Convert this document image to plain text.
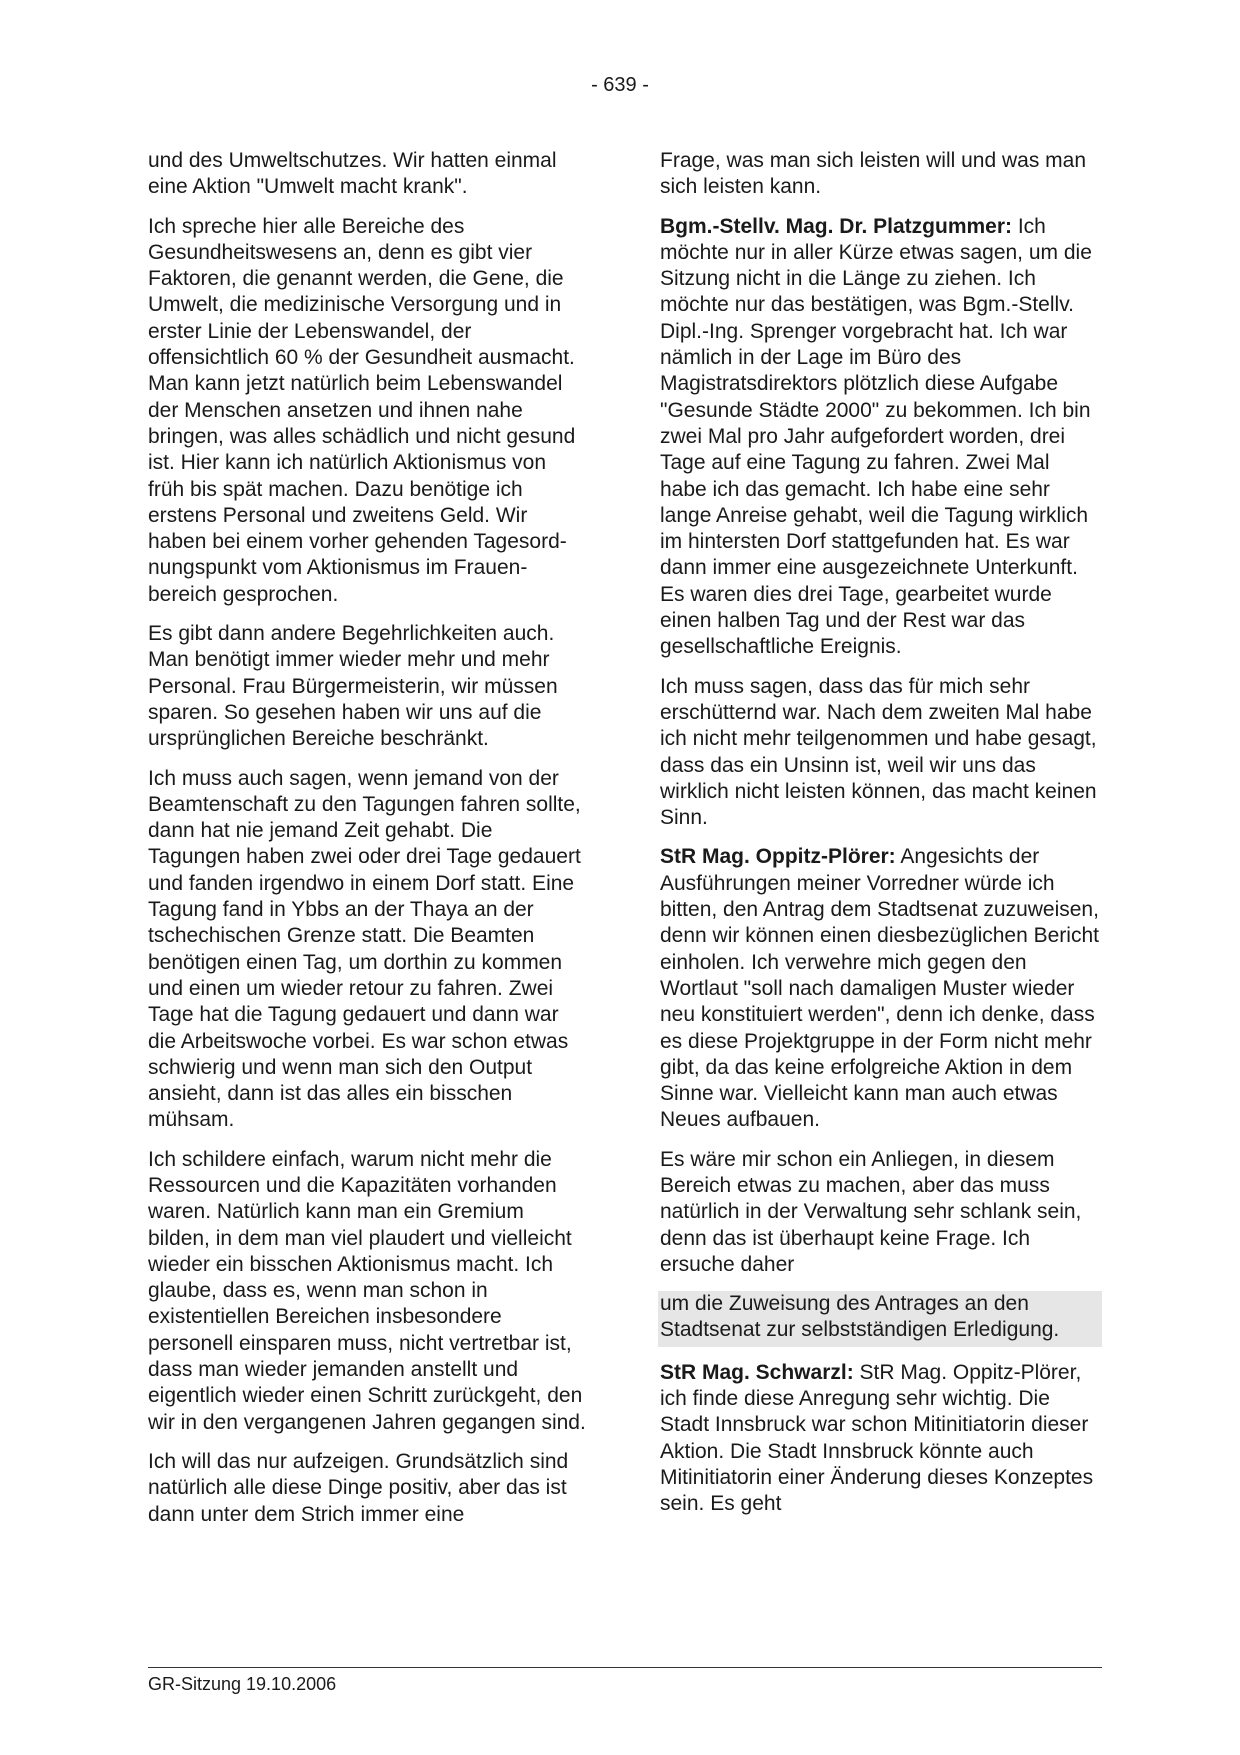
- 639 -

und des Umweltschutzes. Wir hatten einmal eine Aktion "Umwelt macht krank".

Ich spreche hier alle Bereiche des Gesundheitswesens an, denn es gibt vier Faktoren, die genannt werden, die Gene, die Umwelt, die medizinische Versorgung und in erster Linie der Lebenswandel, der offensichtlich 60 % der Gesundheit ausmacht. Man kann jetzt natürlich beim Lebenswandel der Menschen ansetzen und ihnen nahe bringen, was alles schädlich und nicht gesund ist. Hier kann ich natürlich Aktionismus von früh bis spät machen. Dazu benötige ich erstens Personal und zweitens Geld. Wir haben bei einem vorher gehenden Tagesordnungspunkt vom Aktionismus im Frauenbereich gesprochen.

Es gibt dann andere Begehrlichkeiten auch. Man benötigt immer wieder mehr und mehr Personal. Frau Bürgermeisterin, wir müssen sparen. So gesehen haben wir uns auf die ursprünglichen Bereiche beschränkt.

Ich muss auch sagen, wenn jemand von der Beamtenschaft zu den Tagungen fahren sollte, dann hat nie jemand Zeit gehabt. Die Tagungen haben zwei oder drei Tage gedauert und fanden irgendwo in einem Dorf statt. Eine Tagung fand in Ybbs an der Thaya an der tschechischen Grenze statt. Die Beamten benötigen einen Tag, um dorthin zu kommen und einen um wieder retour zu fahren. Zwei Tage hat die Tagung gedauert und dann war die Arbeitswoche vorbei. Es war schon etwas schwierig und wenn man sich den Output ansieht, dann ist das alles ein bisschen mühsam.

Ich schildere einfach, warum nicht mehr die Ressourcen und die Kapazitäten vorhanden waren. Natürlich kann man ein Gremium bilden, in dem man viel plaudert und vielleicht wieder ein bisschen Aktionismus macht. Ich glaube, dass es, wenn man schon in existentiellen Bereichen insbesondere personell einsparen muss, nicht vertretbar ist, dass man wieder jemanden anstellt und eigentlich wieder einen Schritt zurückgeht, den wir in den vergangenen Jahren gegangen sind.

Ich will das nur aufzeigen. Grundsätzlich sind natürlich alle diese Dinge positiv, aber das ist dann unter dem Strich immer eine

Frage, was man sich leisten will und was man sich leisten kann.

Bgm.-Stellv. Mag. Dr. Platzgummer: Ich möchte nur in aller Kürze etwas sagen, um die Sitzung nicht in die Länge zu ziehen. Ich möchte nur das bestätigen, was Bgm.-Stellv. Dipl.-Ing. Sprenger vorgebracht hat. Ich war nämlich in der Lage im Büro des Magistratsdirektors plötzlich diese Aufgabe "Gesunde Städte 2000" zu bekommen. Ich bin zwei Mal pro Jahr aufgefordert worden, drei Tage auf eine Tagung zu fahren. Zwei Mal habe ich das gemacht. Ich habe eine sehr lange Anreise gehabt, weil die Tagung wirklich im hintersten Dorf stattgefunden hat. Es war dann immer eine ausgezeichnete Unterkunft. Es waren dies drei Tage, gearbeitet wurde einen halben Tag und der Rest war das gesellschaftliche Ereignis.

Ich muss sagen, dass das für mich sehr erschütternd war. Nach dem zweiten Mal habe ich nicht mehr teilgenommen und habe gesagt, dass das ein Unsinn ist, weil wir uns das wirklich nicht leisten können, das macht keinen Sinn.

StR Mag. Oppitz-Plörer: Angesichts der Ausführungen meiner Vorredner würde ich bitten, den Antrag dem Stadtsenat zuzuweisen, denn wir können einen diesbezüglichen Bericht einholen. Ich verwehre mich gegen den Wortlaut "soll nach damaligen Muster wieder neu konstituiert werden", denn ich denke, dass es diese Projektgruppe in der Form nicht mehr gibt, da das keine erfolgreiche Aktion in dem Sinne war. Vielleicht kann man auch etwas Neues aufbauen.

Es wäre mir schon ein Anliegen, in diesem Bereich etwas zu machen, aber das muss natürlich in der Verwaltung sehr schlank sein, denn das ist überhaupt keine Frage. Ich ersuche daher

um die Zuweisung des Antrages an den Stadtsenat zur selbstständigen Erledigung.

StR Mag. Schwarzl: StR Mag. Oppitz-Plörer, ich finde diese Anregung sehr wichtig. Die Stadt Innsbruck war schon Mitinitiatorin dieser Aktion. Die Stadt Innsbruck könnte auch Mitinitiatorin einer Änderung dieses Konzeptes sein. Es geht

GR-Sitzung 19.10.2006
